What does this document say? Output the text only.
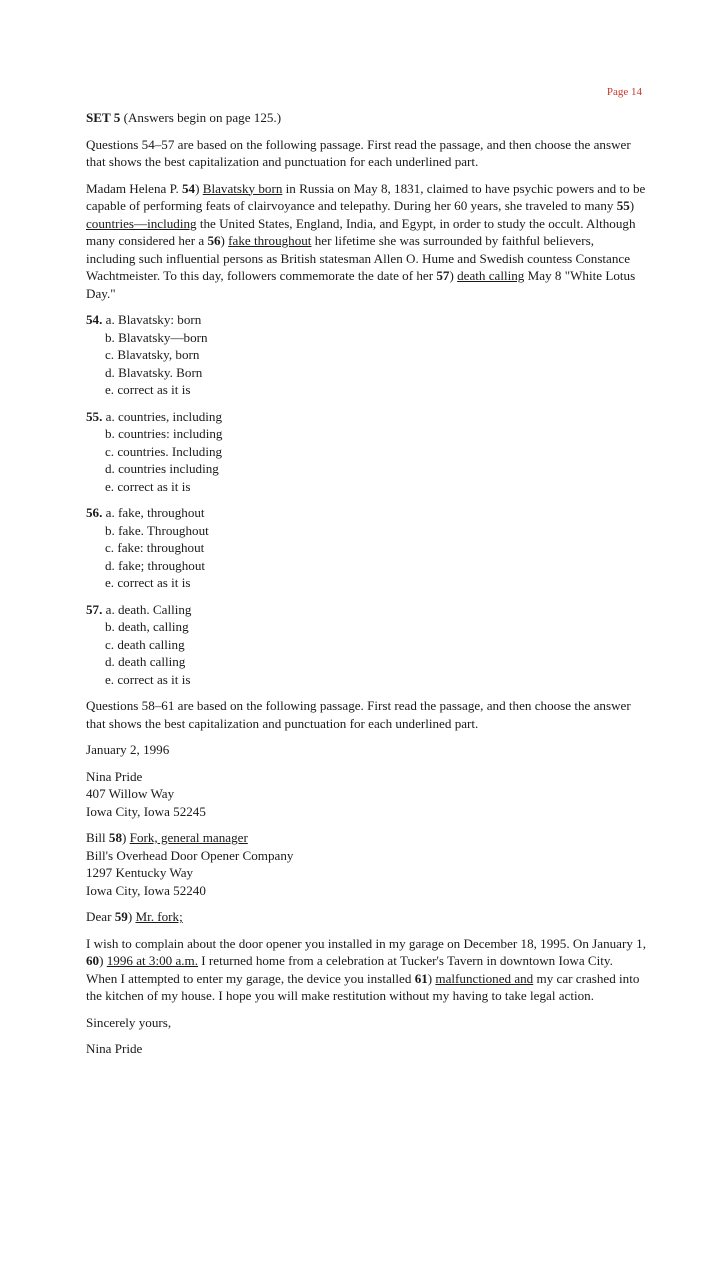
Page 14

SET 5 (Answers begin on page 125.)

Questions 54–57 are based on the following passage. First read the passage, and then choose the answer that shows the best capitalization and punctuation for each underlined part.

Madam Helena P. 54) Blavatsky born in Russia on May 8, 1831, claimed to have psychic powers and to be capable of performing feats of clairvoyance and telepathy. During her 60 years, she traveled to many 55) countries—including the United States, England, India, and Egypt, in order to study the occult. Although many considered her a 56) fake throughout her lifetime she was surrounded by faithful believers, including such influential persons as British statesman Allen O. Hume and Swedish countess Constance Wachtmeister. To this day, followers commemorate the date of her 57) death calling May 8 "White Lotus Day."

54. a. Blavatsky: born
b. Blavatsky—born
c. Blavatsky, born
d. Blavatsky. Born
e. correct as it is
55. a. countries, including
b. countries: including
c. countries. Including
d. countries including
e. correct as it is
56. a. fake, throughout
b. fake. Throughout
c. fake: throughout
d. fake; throughout
e. correct as it is
57. a. death. Calling
b. death, calling
c. death calling
d. death calling
e. correct as it is

Questions 58–61 are based on the following passage. First read the passage, and then choose the answer that shows the best capitalization and punctuation for each underlined part.

January 2, 1996

Nina Pride

407 Willow Way

Iowa City, Iowa 52245

Bill 58) Fork, general manager

Bill's Overhead Door Opener Company

1297 Kentucky Way

Iowa City, Iowa 52240

Dear 59) Mr. fork;

I wish to complain about the door opener you installed in my garage on December 18, 1995. On January 1, 60) 1996 at 3:00 a.m. I returned home from a celebration at Tucker's Tavern in downtown Iowa City. When I attempted to enter my garage, the device you installed 61) malfunctioned and my car crashed into the kitchen of my house. I hope you will make restitution without my having to take legal action.

Sincerely yours,

Nina Pride
